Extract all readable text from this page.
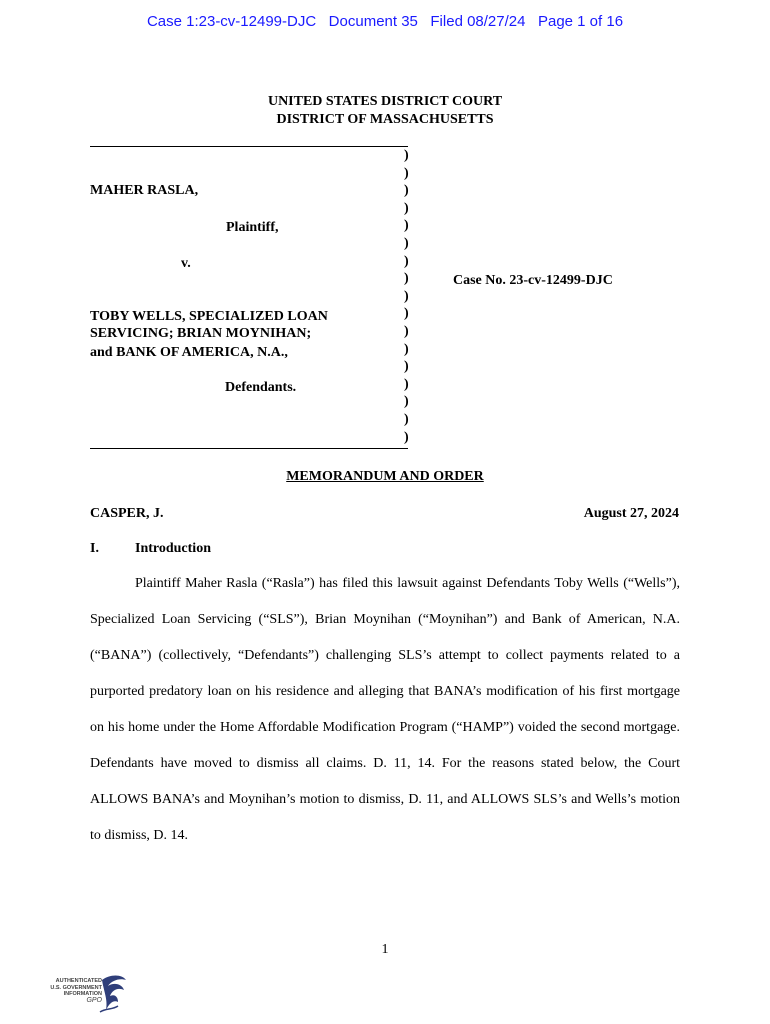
Case 1:23-cv-12499-DJC   Document 35   Filed 08/27/24   Page 1 of 16
UNITED STATES DISTRICT COURT
DISTRICT OF MASSACHUSETTS
MAHER RASLA,
Plaintiff,
v.
TOBY WELLS, SPECIALIZED LOAN
SERVICING; BRIAN MOYNIHAN;
and BANK OF AMERICA, N.A.,
Defendants.
Case No. 23-cv-12499-DJC
)
)
)
)
)
)
)
)
)
)
)
)
)
)
)
)
)
MEMORANDUM AND ORDER
CASPER, J.	August 27, 2024
I.	Introduction

Plaintiff Maher Rasla (“Rasla”) has filed this lawsuit against Defendants Toby Wells (“Wells”), Specialized Loan Servicing (“SLS”), Brian Moynihan (“Moynihan”) and Bank of American, N.A. (“BANA”) (collectively, “Defendants”) challenging SLS’s attempt to collect payments related to a purported predatory loan on his residence and alleging that BANA’s modification of his first mortgage on his home under the Home Affordable Modification Program (“HAMP”) voided the second mortgage. Defendants have moved to dismiss all claims. D. 11, 14. For the reasons stated below, the Court ALLOWS BANA’s and Moynihan’s motion to dismiss, D. 11, and ALLOWS SLS’s and Wells’s motion to dismiss, D. 14.

1
AUTHENTICATED
U.S. GOVERNMENT
INFORMATION
GPO
